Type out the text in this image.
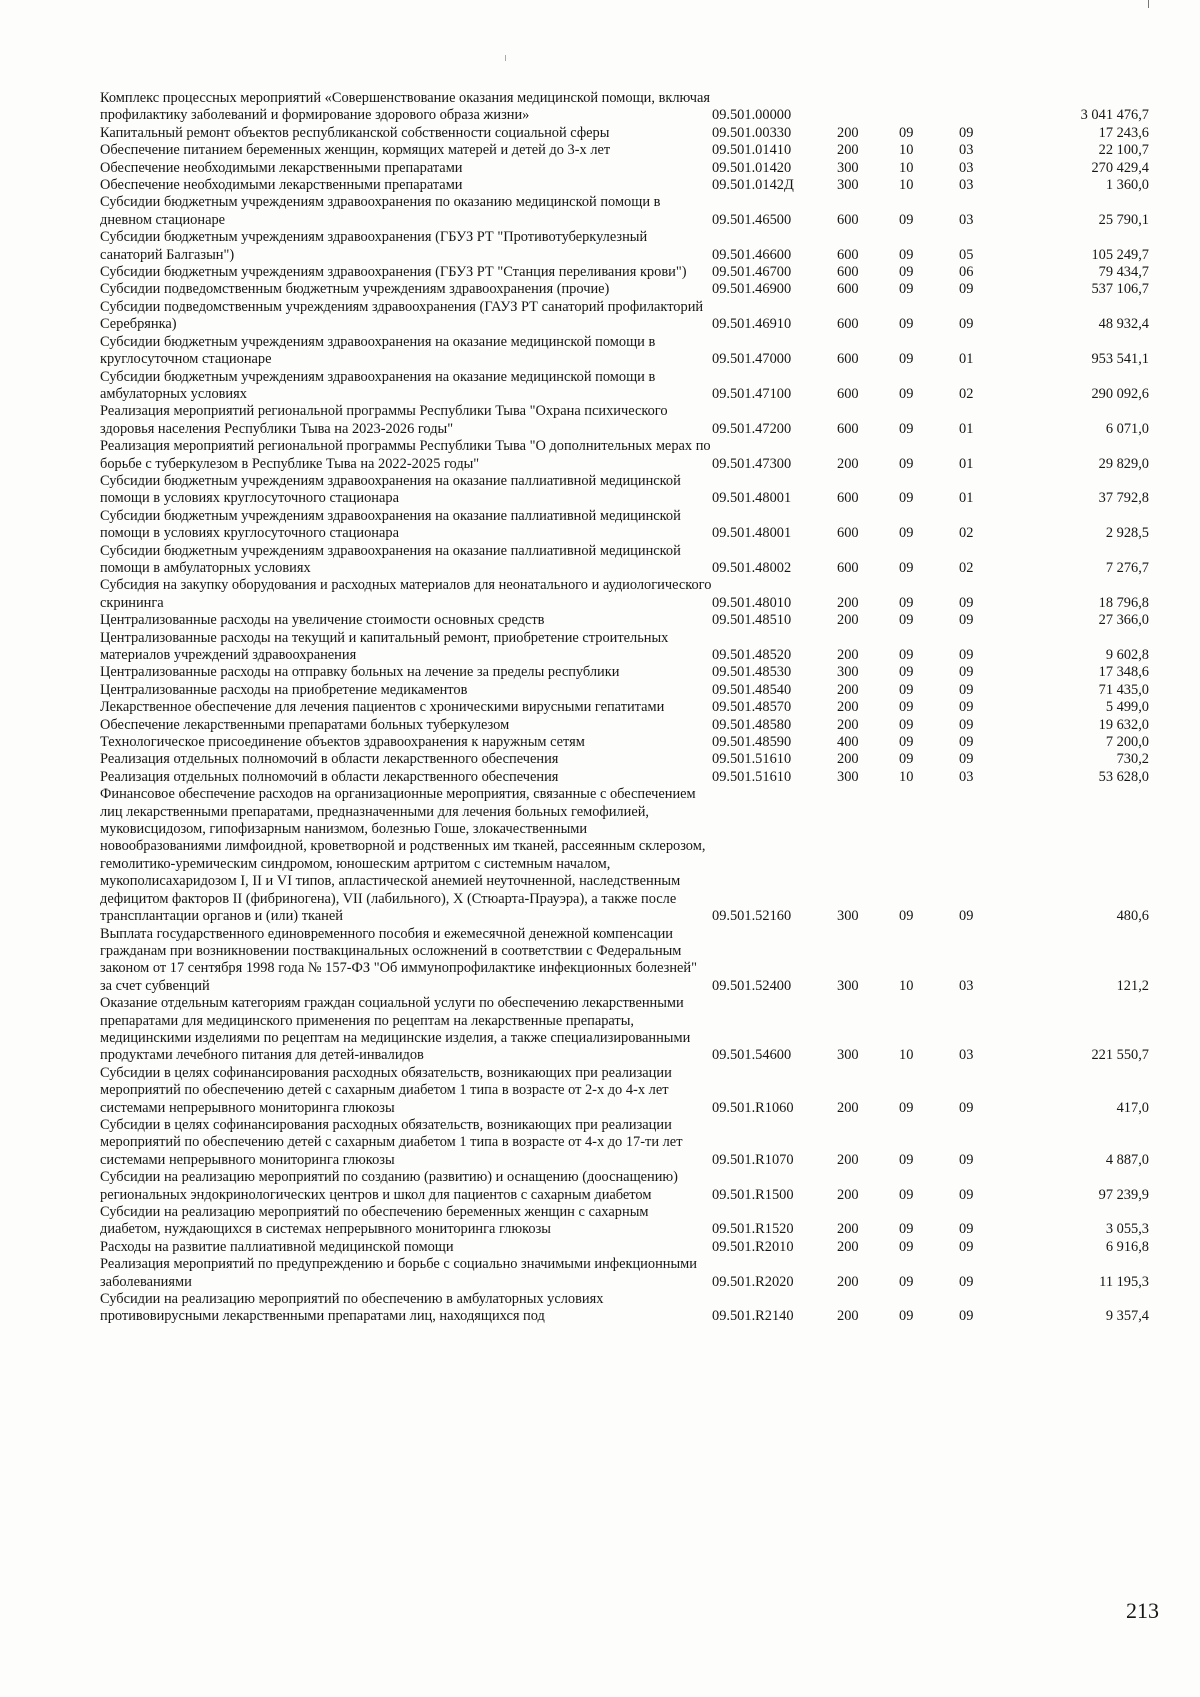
Комплекс процессных мероприятий «Совершенствование оказания медицинской помощи, включая профилактику заболеваний и формирование здорового образа жизни»	09.501.00000				3 041 476,7
Капитальный ремонт объектов республиканской собственности социальной сферы	09.501.00330	200	09	09	17 243,6
Обеспечение питанием беременных женщин, кормящих матерей и детей до 3-х лет	09.501.01410	200	10	03	22 100,7
Обеспечение необходимыми лекарственными препаратами	09.501.01420	300	10	03	270 429,4
Обеспечение необходимыми лекарственными препаратами	09.501.0142Д	300	10	03	1 360,0
Субсидии бюджетным учреждениям здравоохранения по оказанию медицинской помощи в дневном стационаре	09.501.46500	600	09	03	25 790,1
Субсидии бюджетным учреждениям здравоохранения (ГБУЗ РТ "Противотуберкулезный санаторий Балгазын")	09.501.46600	600	09	05	105 249,7
Субсидии бюджетным учреждениям здравоохранения (ГБУЗ РТ "Станция переливания крови")	09.501.46700	600	09	06	79 434,7
Субсидии подведомственным бюджетным учреждениям здравоохранения (прочие)	09.501.46900	600	09	09	537 106,7
Субсидии подведомственным учреждениям здравоохранения (ГАУЗ РТ санаторий профилакторий Серебрянка)	09.501.46910	600	09	09	48 932,4
Субсидии бюджетным учреждениям здравоохранения на оказание медицинской помощи в круглосуточном стационаре	09.501.47000	600	09	01	953 541,1
Субсидии бюджетным учреждениям здравоохранения на оказание медицинской помощи в амбулаторных условиях	09.501.47100	600	09	02	290 092,6
Реализация мероприятий региональной программы Республики Тыва "Охрана психического здоровья населения Республики Тыва на 2023-2026 годы"	09.501.47200	600	09	01	6 071,0
Реализация мероприятий региональной программы Республики Тыва "О дополнительных мерах по борьбе с туберкулезом в Республике Тыва на 2022-2025 годы"	09.501.47300	200	09	01	29 829,0
Субсидии бюджетным учреждениям здравоохранения на оказание паллиативной медицинской помощи в условиях круглосуточного стационара	09.501.48001	600	09	01	37 792,8
Субсидии бюджетным учреждениям здравоохранения на оказание паллиативной медицинской помощи в условиях круглосуточного стационара	09.501.48001	600	09	02	2 928,5
Субсидии бюджетным учреждениям здравоохранения на оказание паллиативной медицинской помощи в амбулаторных условиях	09.501.48002	600	09	02	7 276,7
Субсидия на закупку оборудования и расходных материалов для неонатального и аудиологического скрининга	09.501.48010	200	09	09	18 796,8
Централизованные расходы на увеличение стоимости основных средств	09.501.48510	200	09	09	27 366,0
Централизованные расходы на текущий и капитальный ремонт, приобретение строительных материалов учреждений здравоохранения	09.501.48520	200	09	09	9 602,8
Централизованные расходы на отправку больных на лечение за пределы республики	09.501.48530	300	09	09	17 348,6
Централизованные расходы на приобретение медикаментов	09.501.48540	200	09	09	71 435,0
Лекарственное обеспечение для лечения пациентов с хроническими вирусными гепатитами	09.501.48570	200	09	09	5 499,0
Обеспечение лекарственными препаратами больных туберкулезом	09.501.48580	200	09	09	19 632,0
Технологическое присоединение объектов здравоохранения к наружным сетям	09.501.48590	400	09	09	7 200,0
Реализация отдельных полномочий в области лекарственного обеспечения	09.501.51610	200	09	09	730,2
Реализация отдельных полномочий в области лекарственного обеспечения	09.501.51610	300	10	03	53 628,0
Финансовое обеспечение расходов на организационные мероприятия, связанные с обеспечением лиц лекарственными препаратами, предназначенными для лечения больных гемофилией, муковисцидозом, гипофизарным нанизмом, болезнью Гоше, злокачественными новообразованиями лимфоидной, кроветворной и родственных им тканей, рассеянным склерозом, гемолитико-уремическим синдромом, юношеским артритом с системным началом, мукополисахаридозом I, II и VI типов, апластической анемией неуточненной, наследственным дефицитом факторов II (фибриногена), VII (лабильного), X (Стюарта-Прауэра), а также после трансплантации органов и (или) тканей	09.501.52160	300	09	09	480,6
Выплата государственного единовременного пособия и ежемесячной денежной компенсации гражданам при возникновении поствакцинальных осложнений в соответствии с Федеральным законом от 17 сентября 1998 года № 157-ФЗ "Об иммунопрофилактике инфекционных болезней" за счет субвенций	09.501.52400	300	10	03	121,2
Оказание отдельным категориям граждан социальной услуги по обеспечению лекарственными препаратами для медицинского применения по рецептам на лекарственные препараты, медицинскими изделиями по рецептам на медицинские изделия, а также специализированными продуктами лечебного питания для детей-инвалидов	09.501.54600	300	10	03	221 550,7
Субсидии в целях софинансирования расходных обязательств, возникающих при реализации мероприятий по обеспечению детей с сахарным диабетом 1 типа в возрасте от 2-х до 4-х лет системами непрерывного мониторинга глюкозы	09.501.R1060	200	09	09	417,0
Субсидии в целях софинансирования расходных обязательств, возникающих при реализации мероприятий по обеспечению детей с сахарным диабетом 1 типа в возрасте от 4-х до 17-ти лет системами непрерывного мониторинга глюкозы	09.501.R1070	200	09	09	4 887,0
Субсидии на реализацию мероприятий по созданию (развитию) и оснащению (дооснащению) региональных эндокринологических центров и школ для пациентов с сахарным диабетом	09.501.R1500	200	09	09	97 239,9
Субсидии на реализацию мероприятий по обеспечению беременных женщин с сахарным диабетом, нуждающихся в системах непрерывного мониторинга глюкозы	09.501.R1520	200	09	09	3 055,3
Расходы на развитие паллиативной медицинской помощи	09.501.R2010	200	09	09	6 916,8
Реализация мероприятий по предупреждению и борьбе с социально значимыми инфекционными заболеваниями	09.501.R2020	200	09	09	11 195,3
Субсидии на реализацию мероприятий по обеспечению в амбулаторных условиях противовирусными лекарственными препаратами лиц, находящихся под	09.501.R2140	200	09	09	9 357,4
213
